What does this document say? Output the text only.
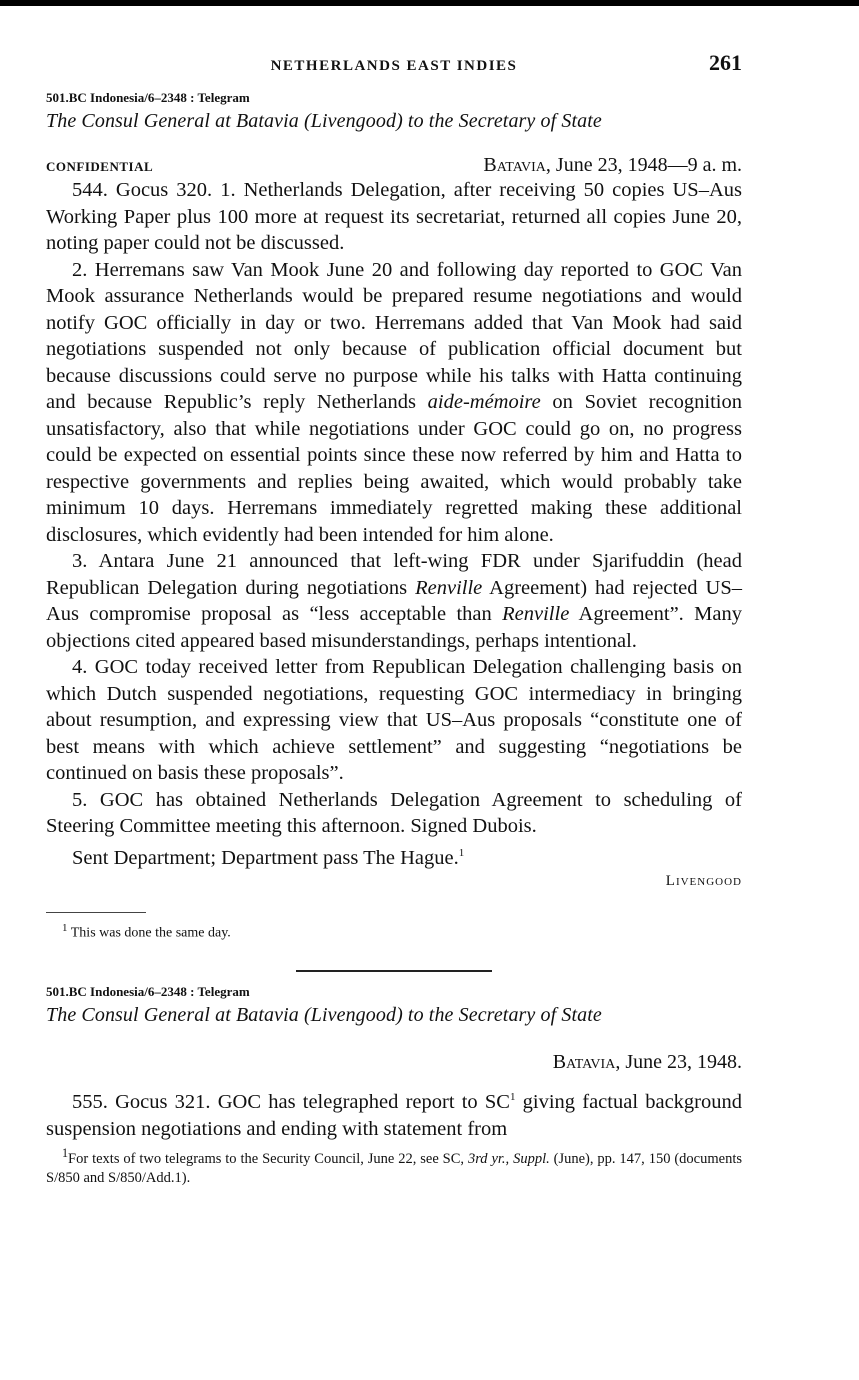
NETHERLANDS EAST INDIES	261
501.BC Indonesia/6–2348 : Telegram
The Consul General at Batavia (Livengood) to the Secretary of State
CONFIDENTIAL	Batavia, June 23, 1948—9 a. m.

544. Gocus 320. 1. Netherlands Delegation, after receiving 50 copies US–Aus Working Paper plus 100 more at request its secretariat, returned all copies June 20, noting paper could not be discussed.

2. Herremans saw Van Mook June 20 and following day reported to GOC Van Mook assurance Netherlands would be prepared resume negotiations and would notify GOC officially in day or two. Herremans added that Van Mook had said negotiations suspended not only because of publication official document but because discussions could serve no purpose while his talks with Hatta continuing and because Republic’s reply Netherlands aide-mémoire on Soviet recognition unsatisfactory, also that while negotiations under GOC could go on, no progress could be expected on essential points since these now referred by him and Hatta to respective governments and replies being awaited, which would probably take minimum 10 days. Herremans immediately regretted making these additional disclosures, which evidently had been intended for him alone.

3. Antara June 21 announced that left-wing FDR under Sjarifuddin (head Republican Delegation during negotiations Renville Agreement) had rejected US–Aus compromise proposal as “less acceptable than Renville Agreement”. Many objections cited appeared based misunderstandings, perhaps intentional.

4. GOC today received letter from Republican Delegation challenging basis on which Dutch suspended negotiations, requesting GOC intermediacy in bringing about resumption, and expressing view that US–Aus proposals “constitute one of best means with which achieve settlement” and suggesting “negotiations be continued on basis these proposals”.

5. GOC has obtained Netherlands Delegation Agreement to scheduling of Steering Committee meeting this afternoon. Signed Dubois.

Sent Department; Department pass The Hague.$^1$

Livengood
$^1$ This was done the same day.
501.BC Indonesia/6–2348 : Telegram
The Consul General at Batavia (Livengood) to the Secretary of State
Batavia, June 23, 1948.

555. Gocus 321. GOC has telegraphed report to $SC^1$ giving factual background suspension negotiations and ending with statement from

$^1$For texts of two telegrams to the Security Council, June 22, see SC, 3rd yr., Suppl. (June), pp. 147, 150 (documents S/850 and S/850/Add.1).
